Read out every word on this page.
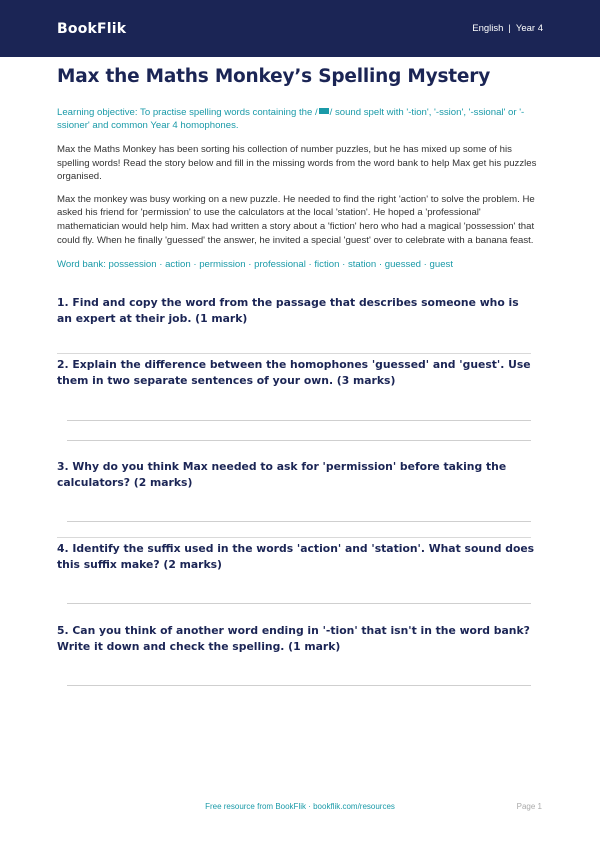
BookFlik	English | Year 4
Max the Maths Monkey’s Spelling Mystery

Learning objective: To practise spelling words containing the / / sound spelt with '-tion', '-ssion', '-ssional' or '-ssioner' and common Year 4 homophones.

Max the Maths Monkey has been sorting his collection of number puzzles, but he has mixed up some of his spelling words! Read the story below and fill in the missing words from the word bank to help Max get his puzzles organised.

Max the monkey was busy working on a new puzzle. He needed to find the right 'action' to solve the problem. He asked his friend for 'permission' to use the calculators at the local 'station'. He hoped a 'professional' mathematician would help him. Max had written a story about a 'fiction' hero who had a magical 'possession' that could fly. When he finally 'guessed' the answer, he invited a special 'guest' over to celebrate with a banana feast.

Word bank: possession · action · permission · professional · fiction · station · guessed · guest

1. Find and copy the word from the passage that describes someone who is an expert at their job. (1 mark)
2. Explain the difference between the homophones 'guessed' and 'guest'. Use them in two separate sentences of your own. (3 marks)
3. Why do you think Max needed to ask for 'permission' before taking the calculators? (2 marks)
4. Identify the suffix used in the words 'action' and 'station'. What sound does this suffix make? (2 marks)
5. Can you think of another word ending in '-tion' that isn't in the word bank? Write it down and check the spelling. (1 mark)
Free resource from BookFlik · bookflik.com/resources	Page 1
